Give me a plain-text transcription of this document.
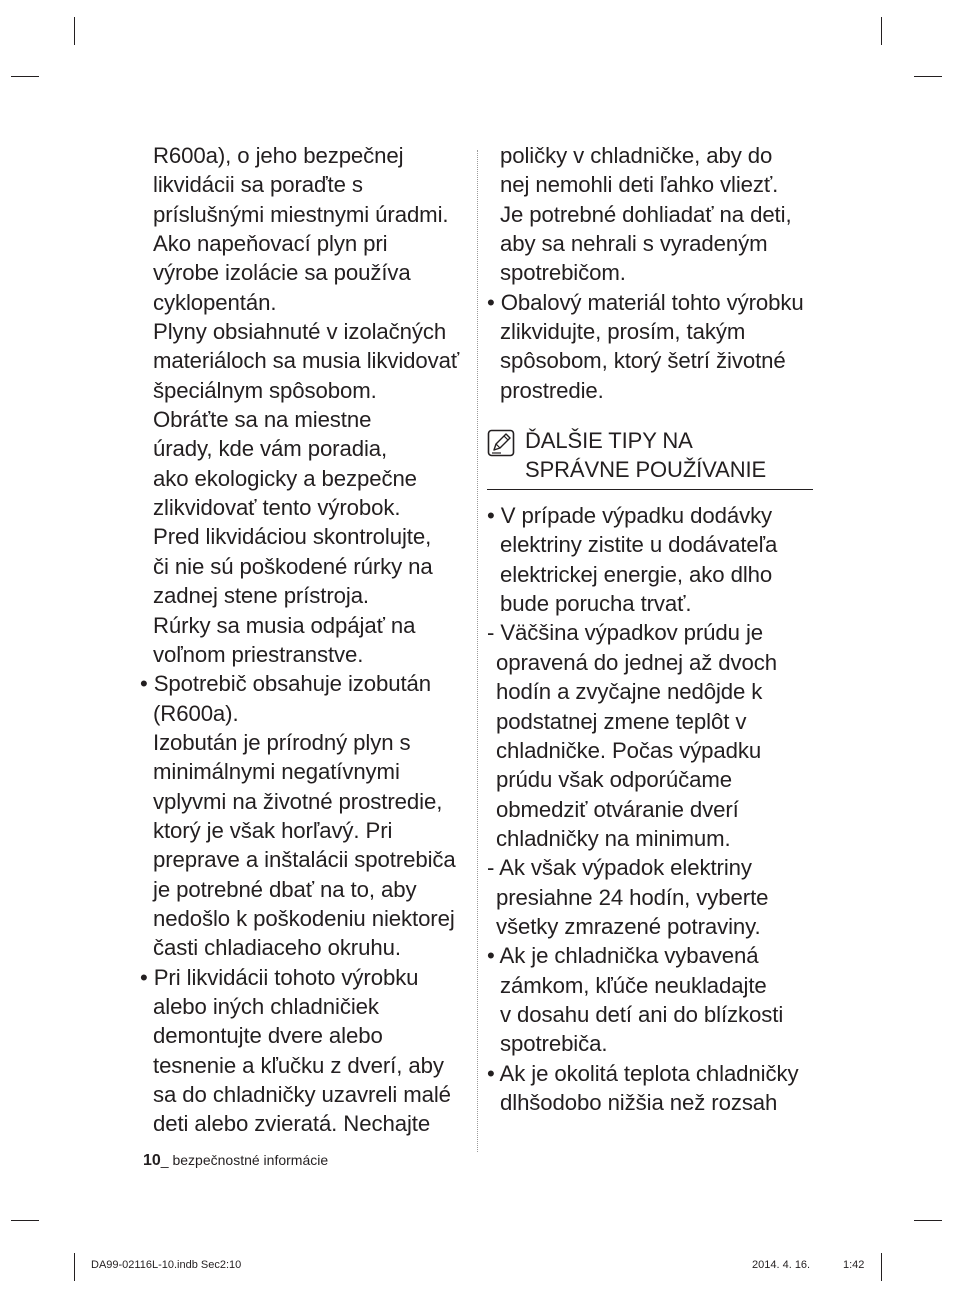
R600a), o jeho bezpečnej
likvidácii sa poraďte s
príslušnými miestnymi úradmi.
Ako napeňovací plyn pri
výrobe izolácie sa používa
cyklopentán.
Plyny obsiahnuté v izolačných
materiáloch sa musia likvidovať
špeciálnym spôsobom.
Obráťte sa na miestne
úrady, kde vám poradia,
ako ekologicky a bezpečne
zlikvidovať tento výrobok.
Pred likvidáciou skontrolujte,
či nie sú poškodené rúrky na
zadnej stene prístroja.
Rúrky sa musia odpájať na
voľnom priestranstve.
• Spotrebič obsahuje izobután
(R600a).
Izobután je prírodný plyn s
minimálnymi negatívnymi
vplyvmi na životné prostredie,
ktorý je však horľavý. Pri
preprave a inštalácii spotrebiča
je potrebné dbať na to, aby
nedošlo k poškodeniu niektorej
časti chladiaceho okruhu.
• Pri likvidácii tohoto výrobku
alebo iných chladničiek
demontujte dvere alebo
tesnenie a kľučku z dverí, aby
sa do chladničky uzavreli malé
deti alebo zvieratá. Nechajte
poličky v chladničke, aby do
nej nemohli deti ľahko vliezť.
Je potrebné dohliadať na deti,
aby sa nehrali s vyradeným
spotrebičom.
• Obalový materiál tohto výrobku
zlikvidujte, prosím, takým
spôsobom, ktorý šetrí životné
prostredie.
ĎALŠIE TIPY NA
SPRÁVNE POUŽÍVANIE
• V prípade výpadku dodávky
elektriny zistite u dodávateľa
elektrickej energie, ako dlho
bude porucha trvať.
- Väčšina výpadkov prúdu je
opravená do jednej až dvoch
hodín a zvyčajne nedôjde k
podstatnej zmene teplôt v
chladničke. Počas výpadku
prúdu však odporúčame
obmedziť otváranie dverí
chladničky na minimum.
- Ak však výpadok elektriny
presiahne 24 hodín, vyberte
všetky zmrazené potraviny.
• Ak je chladnička vybavená
zámkom, kľúče neukladajte
v dosahu detí ani do blízkosti
spotrebiča.
• Ak je okolitá teplota chladničky
dlhšodobo nižšia než rozsah
10_ bezpečnostné informácie
DA99-02116L-10.indb Sec2:10	2014. 4. 16.	1:42
